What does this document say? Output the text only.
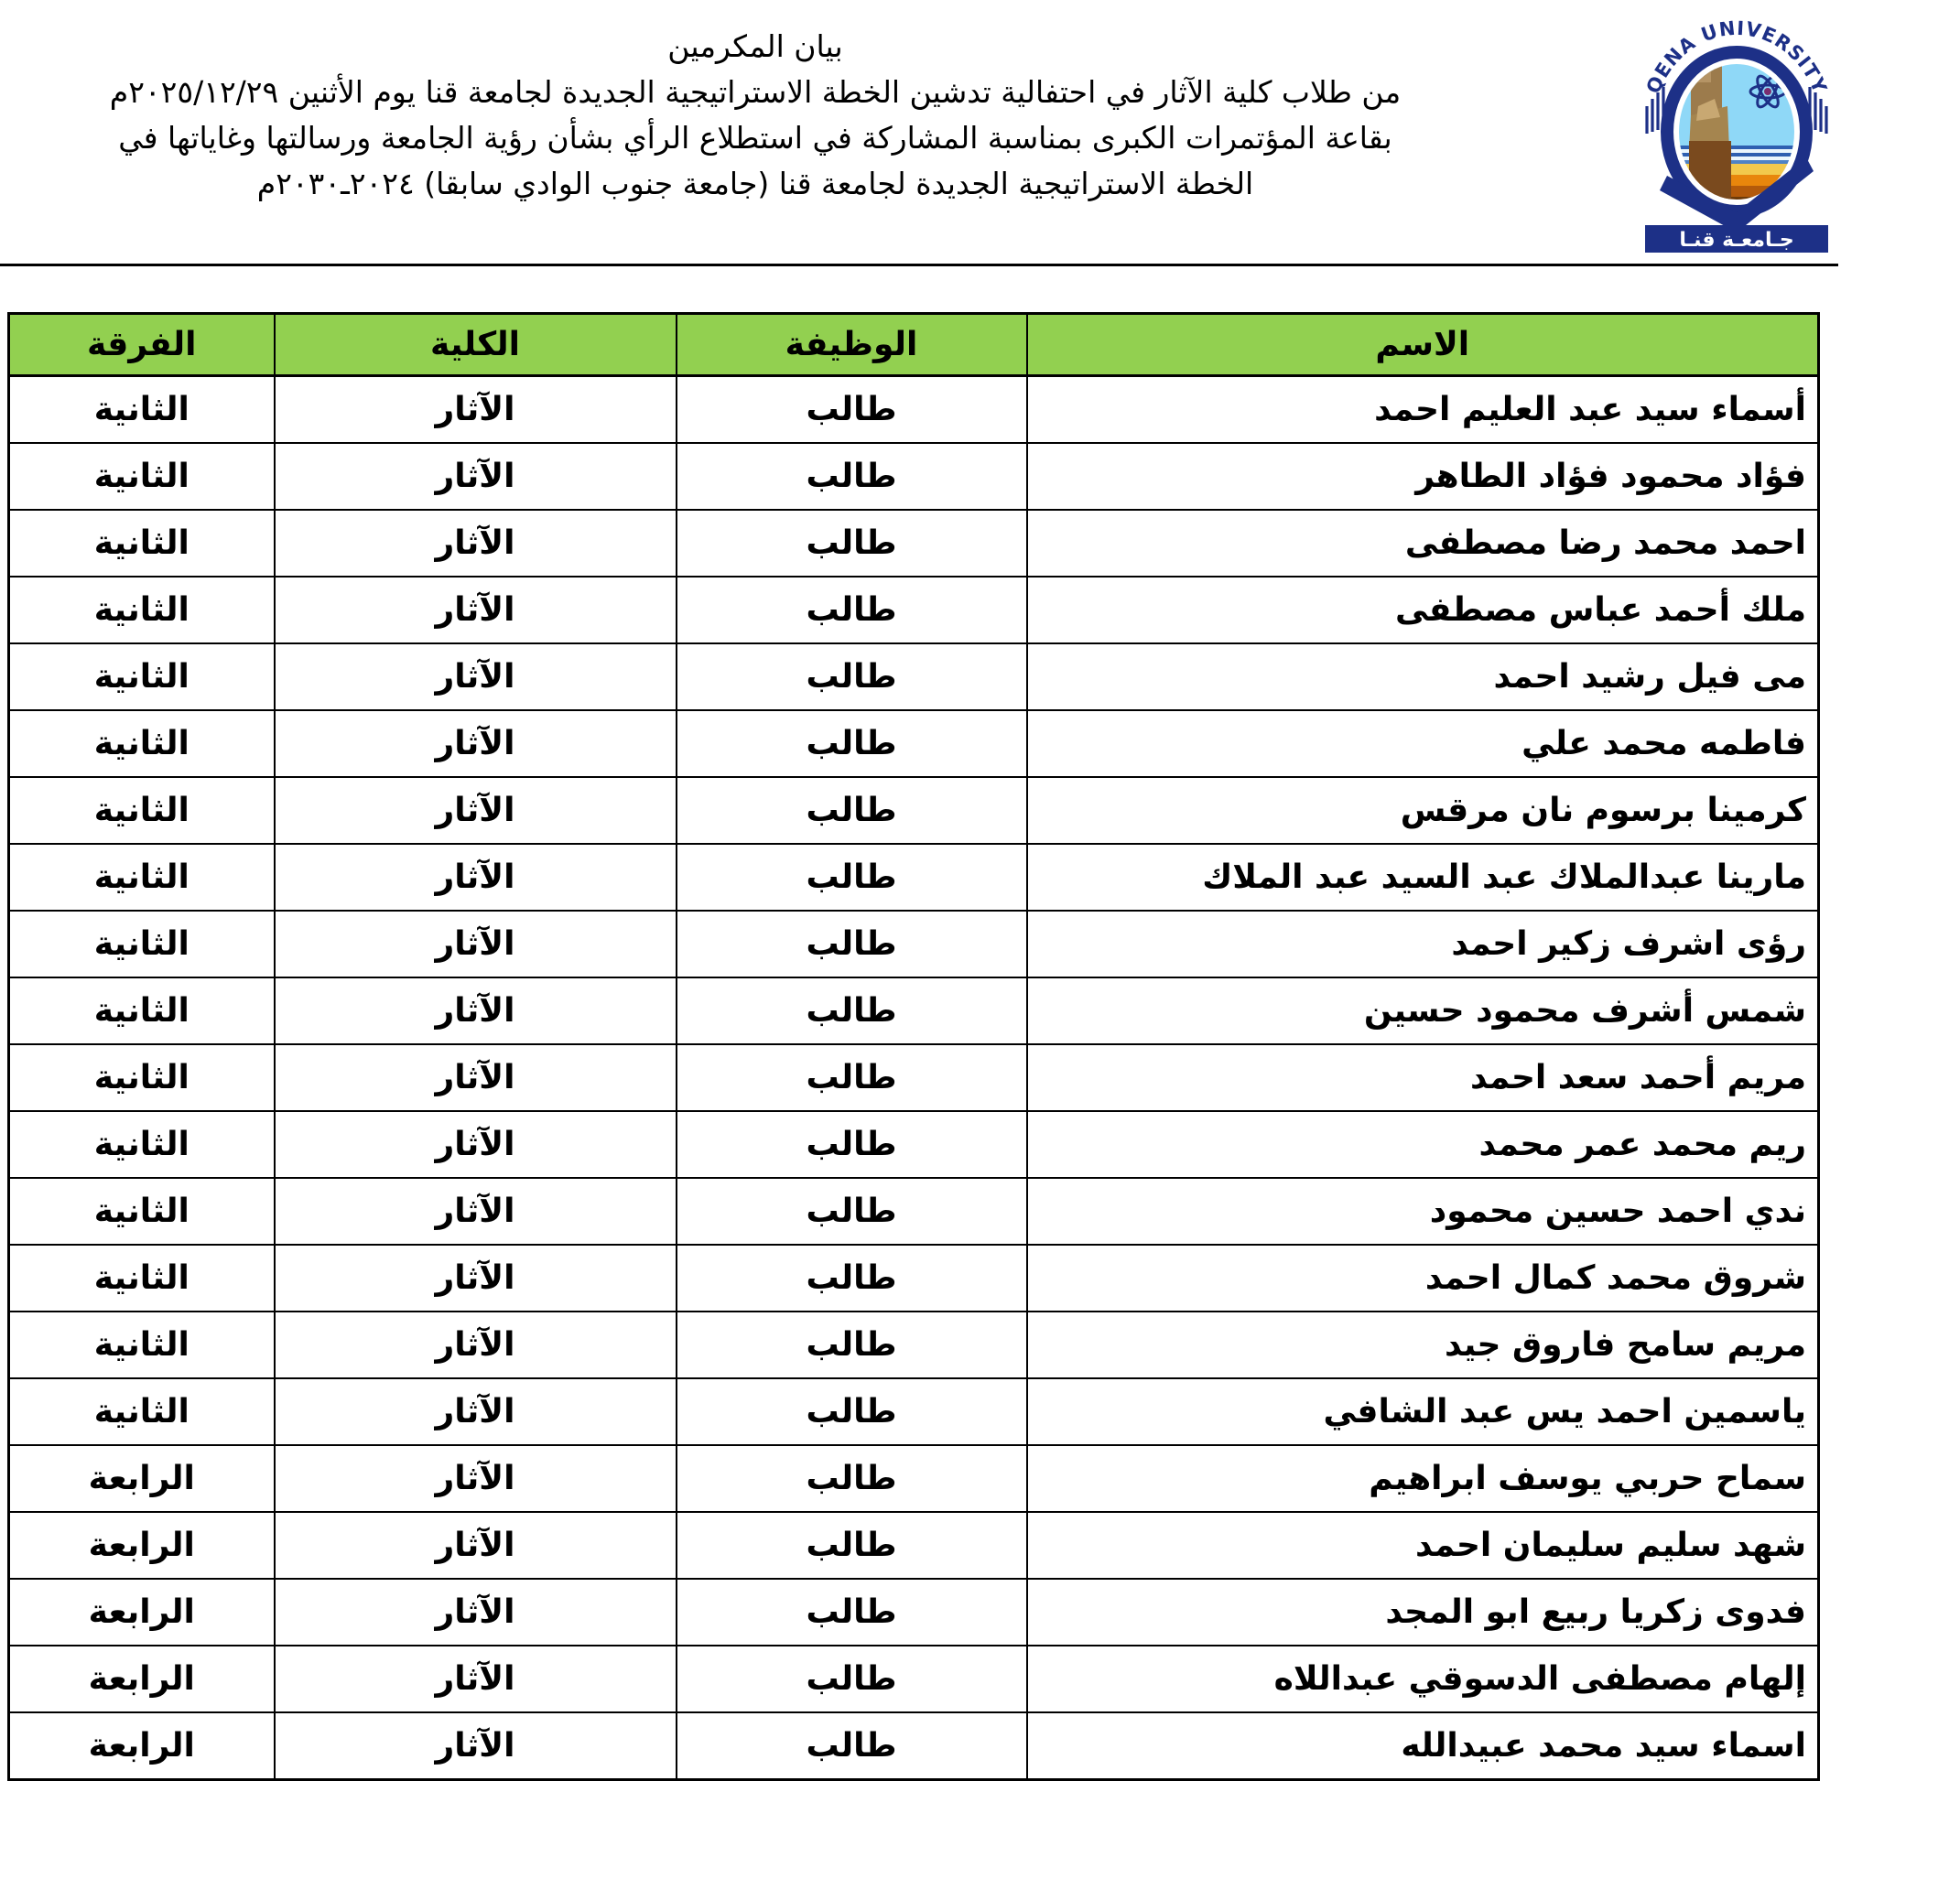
بيان المكرمين
من طلاب كلية الآثار في احتفالية تدشين الخطة الاستراتيجية الجديدة لجامعة قنا يوم الأثنين ٢٠٢٥/١٢/٢٩م
بقاعة المؤتمرات الكبرى بمناسبة المشاركة في استطلاع الرأي بشأن رؤية الجامعة ورسالتها وغاياتها في
الخطة الاستراتيجية الجديدة لجامعة قنا (جامعة جنوب الوادي سابقا) ٢٠٢٤ـ٢٠٣٠م
QENA UNIVERSITY
جـامعـة قنـا
الاسم	الوظيفة	الكلية	الفرقة
أسماء سيد عبد العليم احمد	طالب	الآثار	الثانية
فؤاد محمود فؤاد الطاهر	طالب	الآثار	الثانية
احمد محمد رضا مصطفى	طالب	الآثار	الثانية
ملك أحمد عباس مصطفى	طالب	الآثار	الثانية
مى فيل رشيد احمد	طالب	الآثار	الثانية
فاطمه محمد علي	طالب	الآثار	الثانية
كرمينا برسوم نان مرقس	طالب	الآثار	الثانية
مارينا عبدالملاك عبد السيد عبد الملاك	طالب	الآثار	الثانية
رؤى اشرف زكير احمد	طالب	الآثار	الثانية
شمس أشرف محمود حسين	طالب	الآثار	الثانية
مريم أحمد سعد احمد	طالب	الآثار	الثانية
ريم محمد عمر محمد	طالب	الآثار	الثانية
ندي احمد حسين محمود	طالب	الآثار	الثانية
شروق محمد كمال احمد	طالب	الآثار	الثانية
مريم سامح فاروق جيد	طالب	الآثار	الثانية
ياسمين احمد يس عبد الشافي	طالب	الآثار	الثانية
سماح حربي يوسف ابراهيم	طالب	الآثار	الرابعة
شهد سليم سليمان احمد	طالب	الآثار	الرابعة
فدوى زكريا ربيع ابو المجد	طالب	الآثار	الرابعة
إلهام مصطفى الدسوقي عبداللاه	طالب	الآثار	الرابعة
اسماء سيد محمد عبيدالله	طالب	الآثار	الرابعة
